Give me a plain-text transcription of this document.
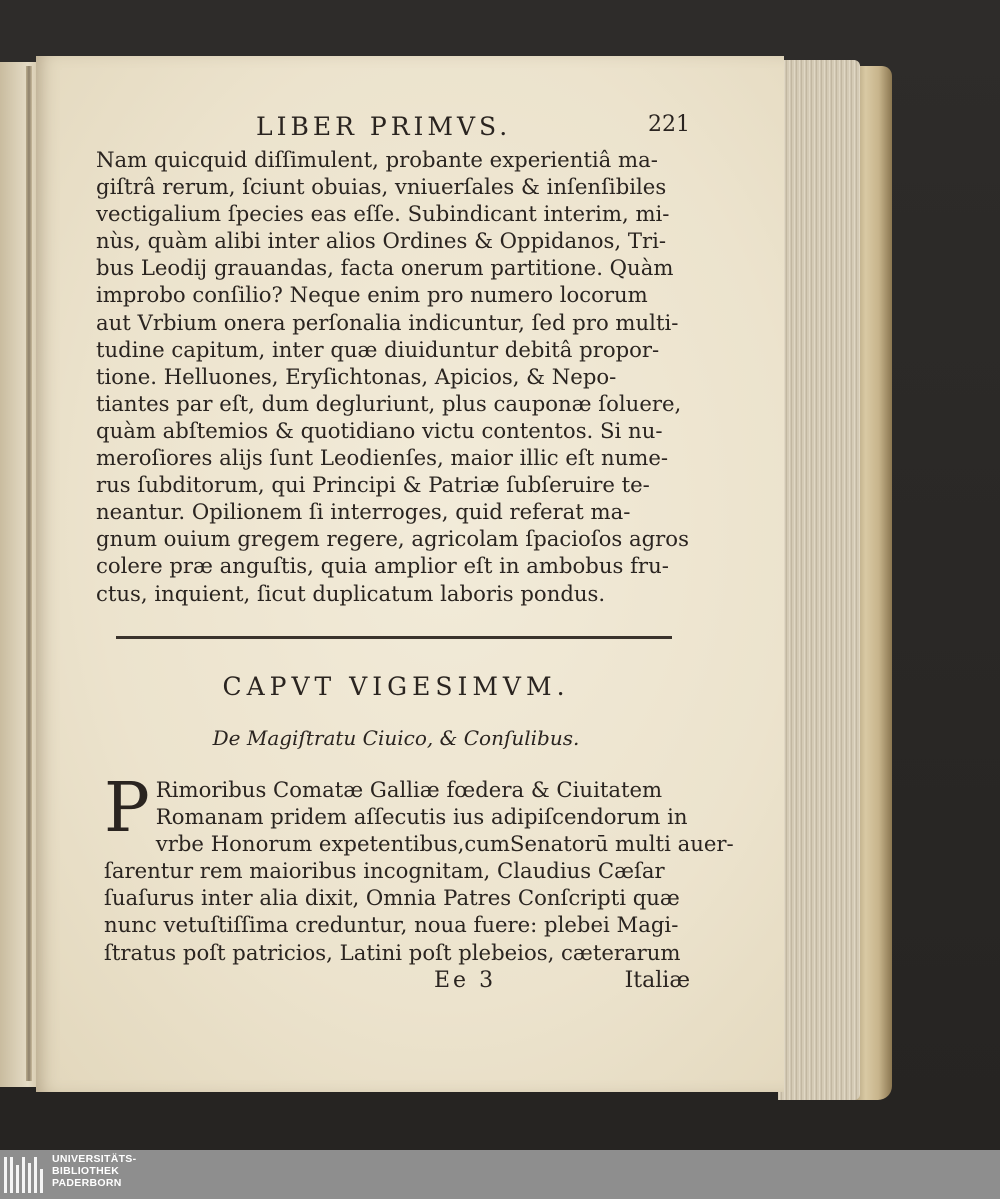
LIBER PRIMVS.	221

Nam quicquid diſſimulent, probante experientiâ ma-
giſtrâ rerum, ſciunt obuias, vniuerſales & inſenſibiles
vectigalium ſpecies eas eſſe. Subindicant interim, mi-
nùs, quàm alibi inter alios Ordines & Oppidanos, Tri-
bus Leodij grauandas, facta onerum partitione. Quàm
improbo conſilio? Neque enim pro numero locorum
aut Vrbium onera perſonalia indicuntur, ſed pro multi-
tudine capitum, inter quæ diuiduntur debitâ propor-
tione. Helluones, Eryſichtonas, Apicios, & Nepo-
tiantes par eſt, dum degluriunt, plus cauponæ ſoluere,
quàm abſtemios & quotidiano victu contentos. Si nu-
meroſiores alijs ſunt Leodienſes, maior illic eſt nume-
rus ſubditorum, qui Principi & Patriæ ſubſeruire te-
neantur. Opilionem ſi interroges, quid referat ma-
gnum ouium gregem regere, agricolam ſpacioſos agros
colere præ anguſtis, quia amplior eſt in ambobus fru-
ctus, inquient, ſicut duplicatum laboris pondus.

CAPVT VIGESIMVM.
De Magiſtratu Ciuico, & Conſulibus.
P Rimoribus Comatæ Galliæ fœdera & Ciuitatem
Romanam pridem aſſecutis ius adipiſcendorum in
vrbe Honorum expetentibus,cumSenatorū multi auer-
ſarentur rem maioribus incognitam, Claudius Cæſar
ſuaſurus inter alia dixit, Omnia Patres Conſcripti quæ
nunc vetuſtiſſima creduntur, noua fuere: plebei Magi-
ſtratus poſt patricios, Latini poſt plebeios, cæterarum

Ee 3	Italiæ
UNIVERSITÄTS-
BIBLIOTHEK
PADERBORN
